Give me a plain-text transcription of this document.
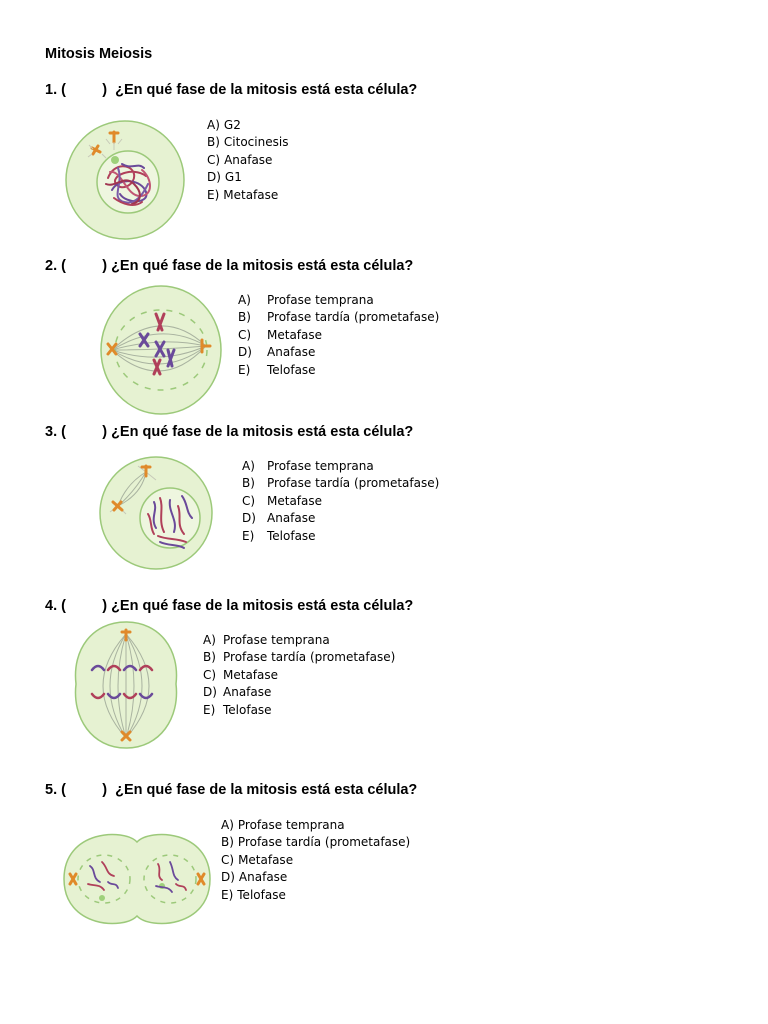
Mitosis Meiosis

1. (         )  ¿En qué fase de la mitosis está esta célula?

A) G2
B) Citocinesis
C) Anafase
D) G1
E) Metafase

2. (         ) ¿En qué fase de la mitosis está esta célula?

A) Profase temprana
B) Profase tardía (prometafase)
C) Metafase
D) Anafase
E) Telofase

3. (         ) ¿En qué fase de la mitosis está esta célula?

A) Profase temprana
B) Profase tardía (prometafase)
C) Metafase
D) Anafase
E) Telofase

4. (         ) ¿En qué fase de la mitosis está esta célula?

A) Profase temprana
B) Profase tardía (prometafase)
C) Metafase
D) Anafase
E) Telofase

5. (         )  ¿En qué fase de la mitosis está esta célula?

A) Profase temprana
B) Profase tardía (prometafase)
C) Metafase
D) Anafase
E) Telofase
